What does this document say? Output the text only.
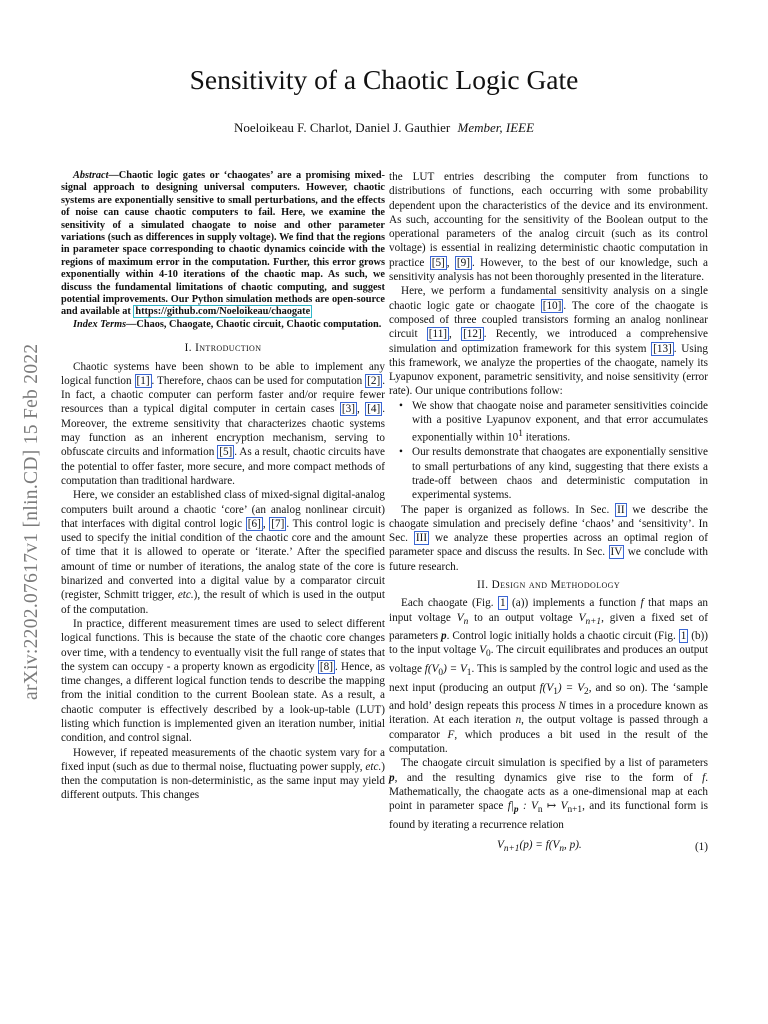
arXiv:2202.07617v1 [nlin.CD] 15 Feb 2022
Sensitivity of a Chaotic Logic Gate
Noeloikeau F. Charlot, Daniel J. Gauthier Member, IEEE

Abstract—Chaotic logic gates or ‘chaogates’ are a promising mixed-signal approach to designing universal computers. However, chaotic systems are exponentially sensitive to small perturbations, and the effects of noise can cause chaotic computers to fail. Here, we examine the sensitivity of a simulated chaogate to noise and other parameter variations (such as differences in supply voltage). We find that the regions in parameter space corresponding to chaotic dynamics coincide with the regions of maximum error in the computation. Further, this error grows exponentially within 4-10 iterations of the chaotic map. As such, we discuss the fundamental limitations of chaotic computing, and suggest potential improvements. Our Python simulation methods are open-source and available at https://github.com/Noeloikeau/chaogate

Index Terms—Chaos, Chaogate, Chaotic circuit, Chaotic computation.

I. Introduction

Chaotic systems have been shown to be able to implement any logical function [1] . Therefore, chaos can be used for computation [2] . In fact, a chaotic computer can perform faster and/or require fewer resources than a typical digital computer in certain cases [3] , [4] . Moreover, the extreme sensitivity that characterizes chaotic systems may function as an inherent encryption mechanism, serving to obfuscate circuits and information [5] . As a result, chaotic circuits have the potential to offer faster, more secure, and more compact methods of computation than traditional hardware.

Here, we consider an established class of mixed-signal digital-analog computers built around a chaotic ‘core’ (an analog nonlinear circuit) that interfaces with digital control logic [6] , [7] . This control logic is used to specify the initial condition of the chaotic core and the amount of time that it is allowed to operate or ‘iterate.’ After the specified amount of time or number of iterations, the analog state of the core is binarized and converted into a digital value by a comparator circuit (register, Schmitt trigger, etc.), the result of which is used in the output of the computation.

In practice, different measurement times are used to select different logical functions. This is because the state of the chaotic core changes over time, with a tendency to eventually visit the full range of states that the system can occupy - a property known as ergodicity [8] . Hence, as time changes, a different logical function tends to describe the mapping from the initial condition to the current Boolean state. As a result, a chaotic computer is effectively described by a look-up-table (LUT) listing which function is implemented given an iteration number, initial condition, and control signal.

However, if repeated measurements of the chaotic system vary for a fixed input (such as due to thermal noise, fluctuating power supply, etc.) then the computation is non-deterministic, as the same input may yield different outputs. This changes

the LUT entries describing the computer from functions to distributions of functions, each occurring with some probability dependent upon the characteristics of the device and its environment. As such, accounting for the sensitivity of the Boolean output to the operational parameters of the analog circuit (such as its control voltage) is essential in realizing deterministic chaotic computation in practice [5] , [9] . However, to the best of our knowledge, such a sensitivity analysis has not been thoroughly presented in the literature.

Here, we perform a fundamental sensitivity analysis on a single chaotic logic gate or chaogate [10] . The core of the chaogate is composed of three coupled transistors forming an analog nonlinear circuit [11] , [12] . Recently, we introduced a comprehensive simulation and optimization framework for this system [13] . Using this framework, we analyze the properties of the chaogate, namely its Lyapunov exponent, parametric sensitivity, and noise sensitivity (error rate). Our unique contributions follow:

• We show that chaogate noise and parameter sensitivities coincide with a positive Lyapunov exponent, and that error accumulates exponentially within $10^1$ iterations.
• Our results demonstrate that chaogates are exponentially sensitive to small perturbations of any kind, suggesting that there exists a trade-off between chaos and deterministic computation in experimental systems.

The paper is organized as follows. In Sec. II we describe the chaogate simulation and precisely define ‘chaos’ and ‘sensitivity’. In Sec. III we analyze these properties across an optimal region of parameter space and discuss the results. In Sec. IV we conclude with future research.

II. Design and Methodology

Each chaogate (Fig. 1 (a)) implements a function f that maps an input voltage $V_n$ to an output voltage $V_{n+1}$, given a fixed set of parameters p. Control logic initially holds a chaotic circuit (Fig. 1 (b)) to the input voltage $V_0$. The circuit equilibrates and produces an output voltage $f(V_0) = V_1$. This is sampled by the control logic and used as the next input (producing an output $f(V_1) = V_2$, and so on). The ‘sample and hold’ design repeats this process N times in a procedure known as iteration. At each iteration n, the output voltage is passed through a comparator F, which produces a bit used in the result of the computation.

The chaogate circuit simulation is specified by a list of parameters p, and the resulting dynamics give rise to the form of f. Mathematically, the chaogate acts as a one-dimensional map at each point in parameter space $f|_p$ : $V_n$ ↦ $V_{n+1}$, and its functional form is found by iterating a recurrence relation

$V_{n+1}(p) = f(V_n$, p).	(1)
